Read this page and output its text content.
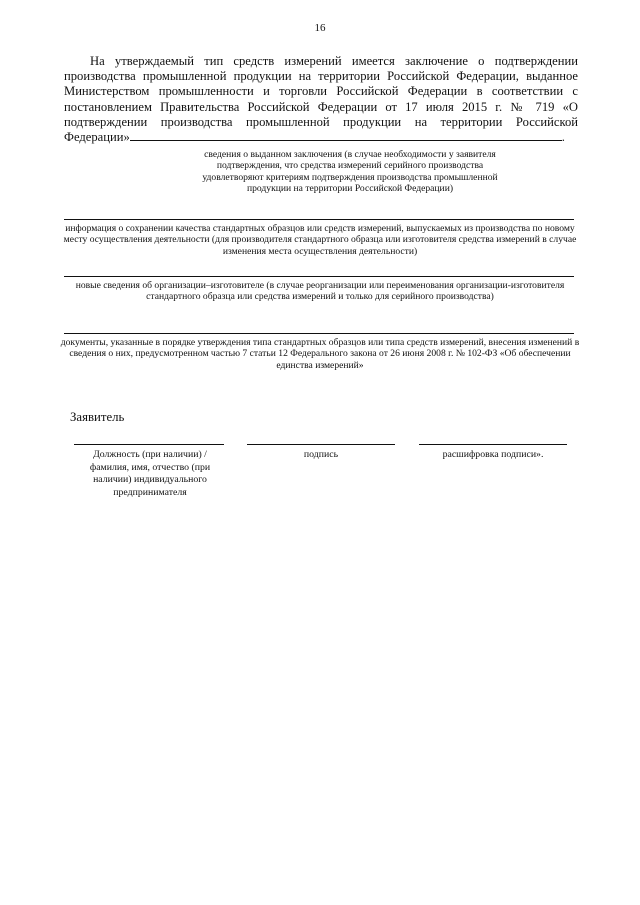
16

На утверждаемый тип средств измерений имеется заключение о подтверждении производства промышленной продукции на территории Российской Федерации, выданное Министерством промышленности и торговли Российской Федерации в соответствии с постановлением Правительства Российской Федерации от 17 июля 2015 г. № 719 «О подтверждении производства промышленной продукции на территории Российской Федерации»	.

сведения о выданном заключения (в случае необходимости у заявителя подтверждения, что средства измерений серийного производства удовлетворяют критериям подтверждения производства промышленной продукции на территории Российской Федерации)

информация о сохранении качества стандартных образцов или средств измерений, выпускаемых из производства по новому месту осуществления деятельности (для производителя стандартного образца или изготовителя средства измерений в случае изменения места осуществления деятельности)

новые сведения об организации–изготовителе (в случае реорганизации или переименования организации-изготовителя стандартного образца или средства измерений и только для серийного производства)

документы, указанные в порядке утверждения типа стандартных образцов или типа средств измерений, внесения изменений в сведения о них, предусмотренном частью 7 статьи 12 Федерального закона от 26 июня 2008 г. № 102-ФЗ «Об обеспечении единства измерений»

Заявитель

Должность (при наличии) / фамилия, имя, отчество (при наличии) индивидуального предпринимателя

подпись	расшифровка подписи».
